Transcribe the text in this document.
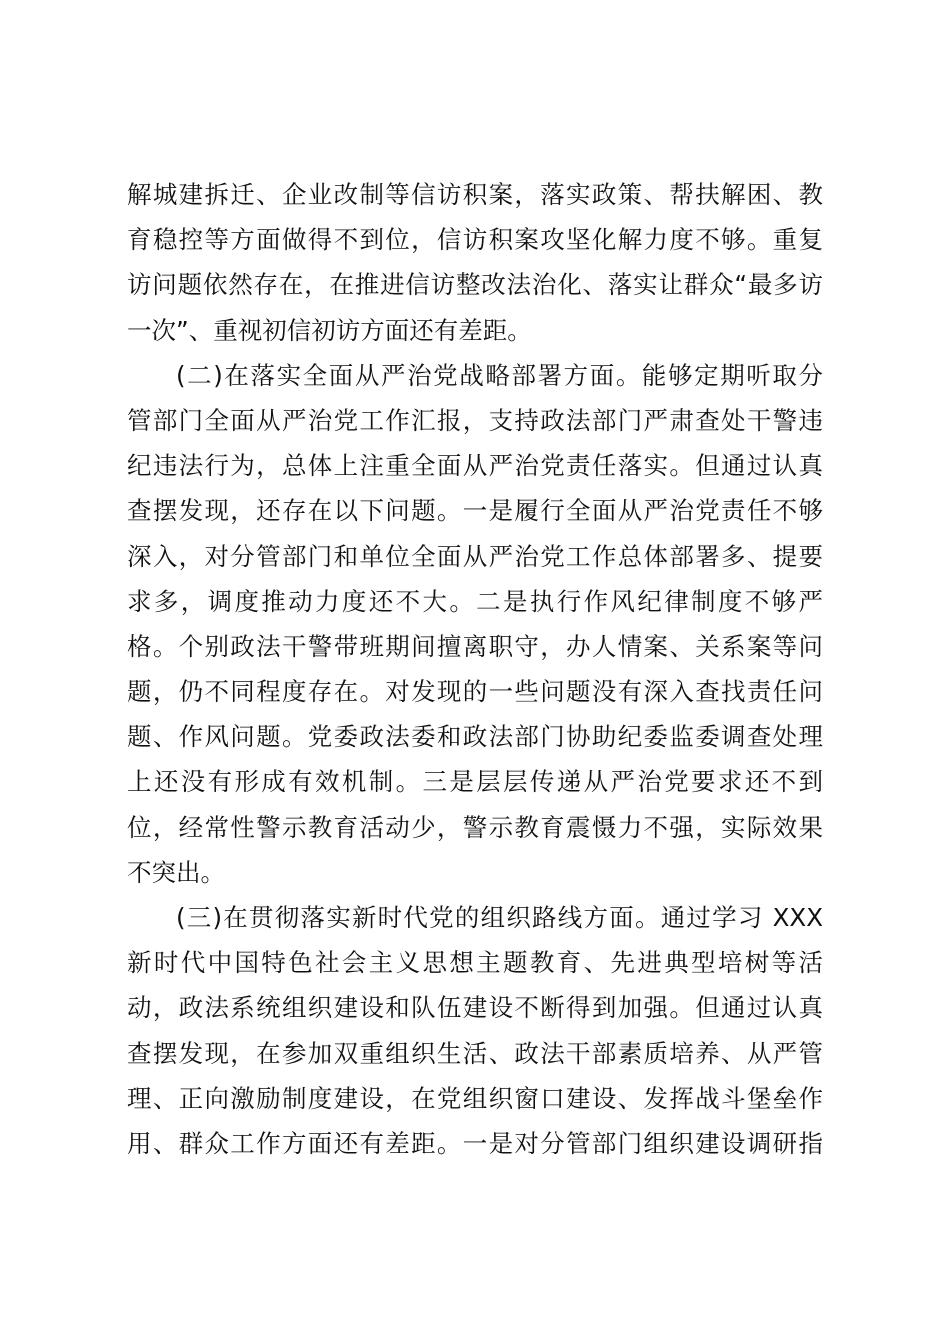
解城建拆迁、企业改制等信访积案，落实政策、帮扶解困、教
育稳控等方面做得不到位，信访积案攻坚化解力度不够。重复
访问题依然存在，在推进信访整改法治化、落实让群众“最多访
一次”、重视初信初访方面还有差距。
(二)在落实全面从严治党战略部署方面。能够定期听取分
管部门全面从严治党工作汇报，支持政法部门严肃查处干警违
纪违法行为，总体上注重全面从严治党责任落实。但通过认真
查摆发现，还存在以下问题。一是履行全面从严治党责任不够
深入，对分管部门和单位全面从严治党工作总体部署多、提要
求多，调度推动力度还不大。二是执行作风纪律制度不够严
格。个别政法干警带班期间擅离职守，办人情案、关系案等问
题，仍不同程度存在。对发现的一些问题没有深入查找责任问
题、作风问题。党委政法委和政法部门协助纪委监委调查处理
上还没有形成有效机制。三是层层传递从严治党要求还不到
位，经常性警示教育活动少，警示教育震慑力不强，实际效果
不突出。
(三)在贯彻落实新时代党的组织路线方面。通过学习 XXX
新时代中国特色社会主义思想主题教育、先进典型培树等活
动，政法系统组织建设和队伍建设不断得到加强。但通过认真
查摆发现，在参加双重组织生活、政法干部素质培养、从严管
理、正向激励制度建设，在党组织窗口建设、发挥战斗堡垒作
用、群众工作方面还有差距。一是对分管部门组织建设调研指
